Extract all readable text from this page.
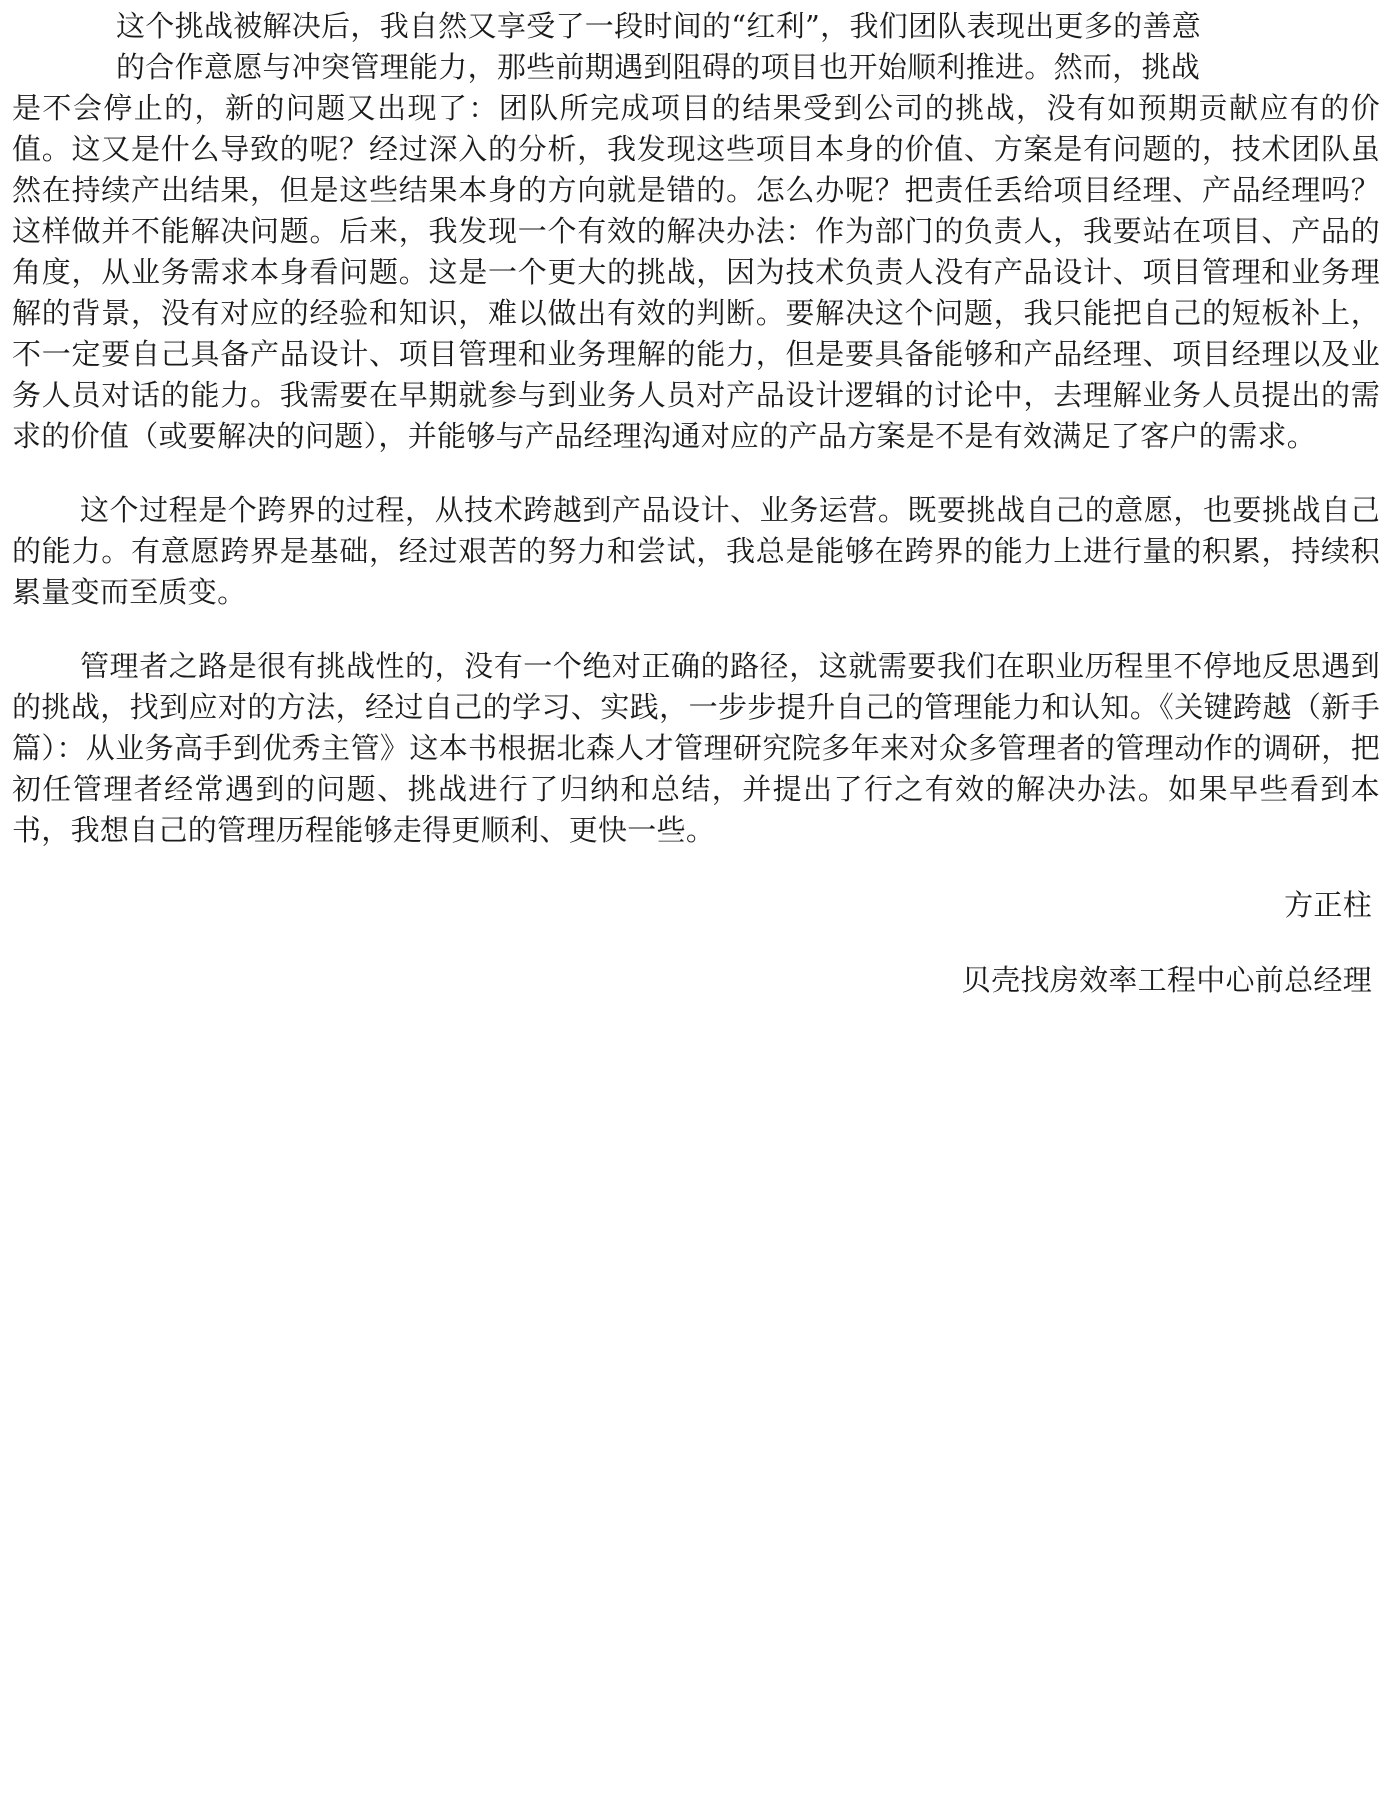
这个挑战被解决后，我自然又享受了一段时间的“红利”，我们团队表现出更多的善意
的合作意愿与冲突管理能力，那些前期遇到阻碍的项目也开始顺利推进。然而，挑战
是不会停止的，新的问题又出现了：团队所完成项目的结果受到公司的挑战，没有如预期贡献应有的价值。这又是什么导致的呢？经过深入的分析，我发现这些项目本身的价值、方案是有问题的，技术团队虽然在持续产出结果，但是这些结果本身的方向就是错的。怎么办呢？把责任丢给项目经理、产品经理吗？这样做并不能解决问题。后来，我发现一个有效的解决办法：作为部门的负责人，我要站在项目、产品的角度，从业务需求本身看问题。这是一个更大的挑战，因为技术负责人没有产品设计、项目管理和业务理解的背景，没有对应的经验和知识，难以做出有效的判断。要解决这个问题，我只能把自己的短板补上，不一定要自己具备产品设计、项目管理和业务理解的能力，但是要具备能够和产品经理、项目经理以及业务人员对话的能力。我需要在早期就参与到业务人员对产品设计逻辑的讨论中，去理解业务人员提出的需求的价值（或要解决的问题），并能够与产品经理沟通对应的产品方案是不是有效满足了客户的需求。

这个过程是个跨界的过程，从技术跨越到产品设计、业务运营。既要挑战自己的意愿，也要挑战自己的能力。有意愿跨界是基础，经过艰苦的努力和尝试，我总是能够在跨界的能力上进行量的积累，持续积累量变而至质变。

管理者之路是很有挑战性的，没有一个绝对正确的路径，这就需要我们在职业历程里不停地反思遇到的挑战，找到应对的方法，经过自己的学习、实践，一步步提升自己的管理能力和认知。《关键跨越（新手篇）：从业务高手到优秀主管》这本书根据北森人才管理研究院多年来对众多管理者的管理动作的调研，把初任管理者经常遇到的问题、挑战进行了归纳和总结，并提出了行之有效的解决办法。如果早些看到本书，我想自己的管理历程能够走得更顺利、更快一些。

方正柱

贝壳找房效率工程中心前总经理
